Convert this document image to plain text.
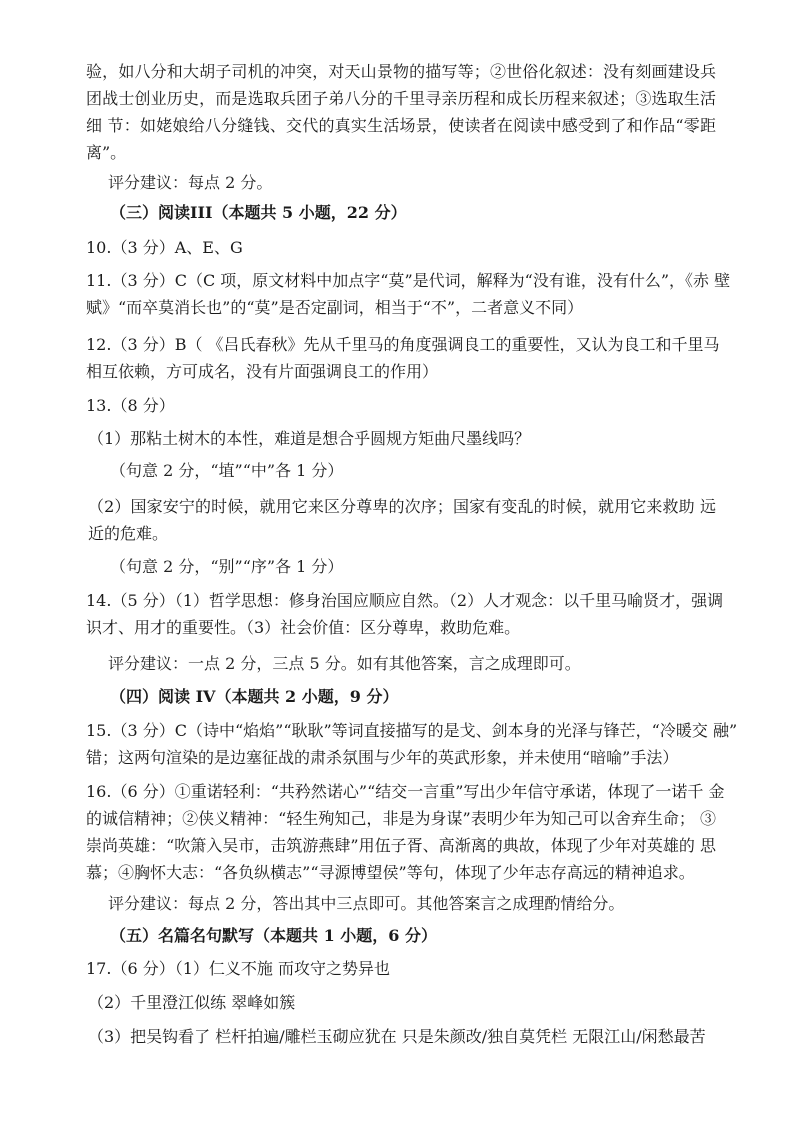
验，如八分和大胡子司机的冲突，对天山景物的描写等；②世俗化叙述：没有刻画建设兵
团战士创业历史，而是选取兵团子弟八分的千里寻亲历程和成长历程来叙述；③选取生活
细 节：如姥娘给八分缝钱、交代的真实生活场景，使读者在阅读中感受到了和作品“零距
离”。
评分建议：每点 2 分。
（三）阅读III（本题共 5 小题，22 分）
10.（3 分）A、E、G
11.（3 分）C（C 项，原文材料中加点字“莫”是代词，解释为“没有谁，没有什么”，《赤 壁
赋》“而卒莫消长也”的“莫”是否定副词，相当于“不”，二者意义不同）
12.（3 分）B（ 《吕氏春秋》先从千里马的角度强调良工的重要性，又认为良工和千里马
相互依赖，方可成名，没有片面强调良工的作用）
13.（8 分）
（1）那粘土树木的本性，难道是想合乎圆规方矩曲尺墨线吗？
（句意 2 分，“埴”“中”各 1 分）
（2）国家安宁的时候，就用它来区分尊卑的次序；国家有变乱的时候，就用它来救助 远
近的危难。
（句意 2 分，“别”“序”各 1 分）
14.（5 分）（1）哲学思想：修身治国应顺应自然。（2）人才观念：以千里马喻贤才，强调
识才、用才的重要性。（3）社会价值：区分尊卑，救助危难。
评分建议：一点 2 分，三点 5 分。如有其他答案，言之成理即可。
（四）阅读 IV（本题共 2 小题，9 分）
15.（3 分）C（诗中“焰焰”“耿耿”等词直接描写的是戈、剑本身的光泽与锋芒，“冷暖交 融”
错；这两句渲染的是边塞征战的肃杀氛围与少年的英武形象，并未使用“暗喻”手法）
16.（6 分）①重诺轻利：“共矜然诺心”“结交一言重”写出少年信守承诺，体现了一诺千 金
的诚信精神；②侠义精神：“轻生殉知己，非是为身谋”表明少年为知己可以舍弃生命； ③
崇尚英雄：“吹箫入吴市，击筑游燕肆”用伍子胥、高渐离的典故，体现了少年对英雄的 思
慕；④胸怀大志：“各负纵横志”“寻源博望侯”等句，体现了少年志存高远的精神追求。
评分建议：每点 2 分，答出其中三点即可。其他答案言之成理酌情给分。
（五）名篇名句默写（本题共 1 小题，6 分）
17.（6 分）（1）仁义不施 而攻守之势异也
（2）千里澄江似练 翠峰如簇
（3）把吴钩看了 栏杆拍遍/雕栏玉砌应犹在 只是朱颜改/独自莫凭栏 无限江山/闲愁最苦
